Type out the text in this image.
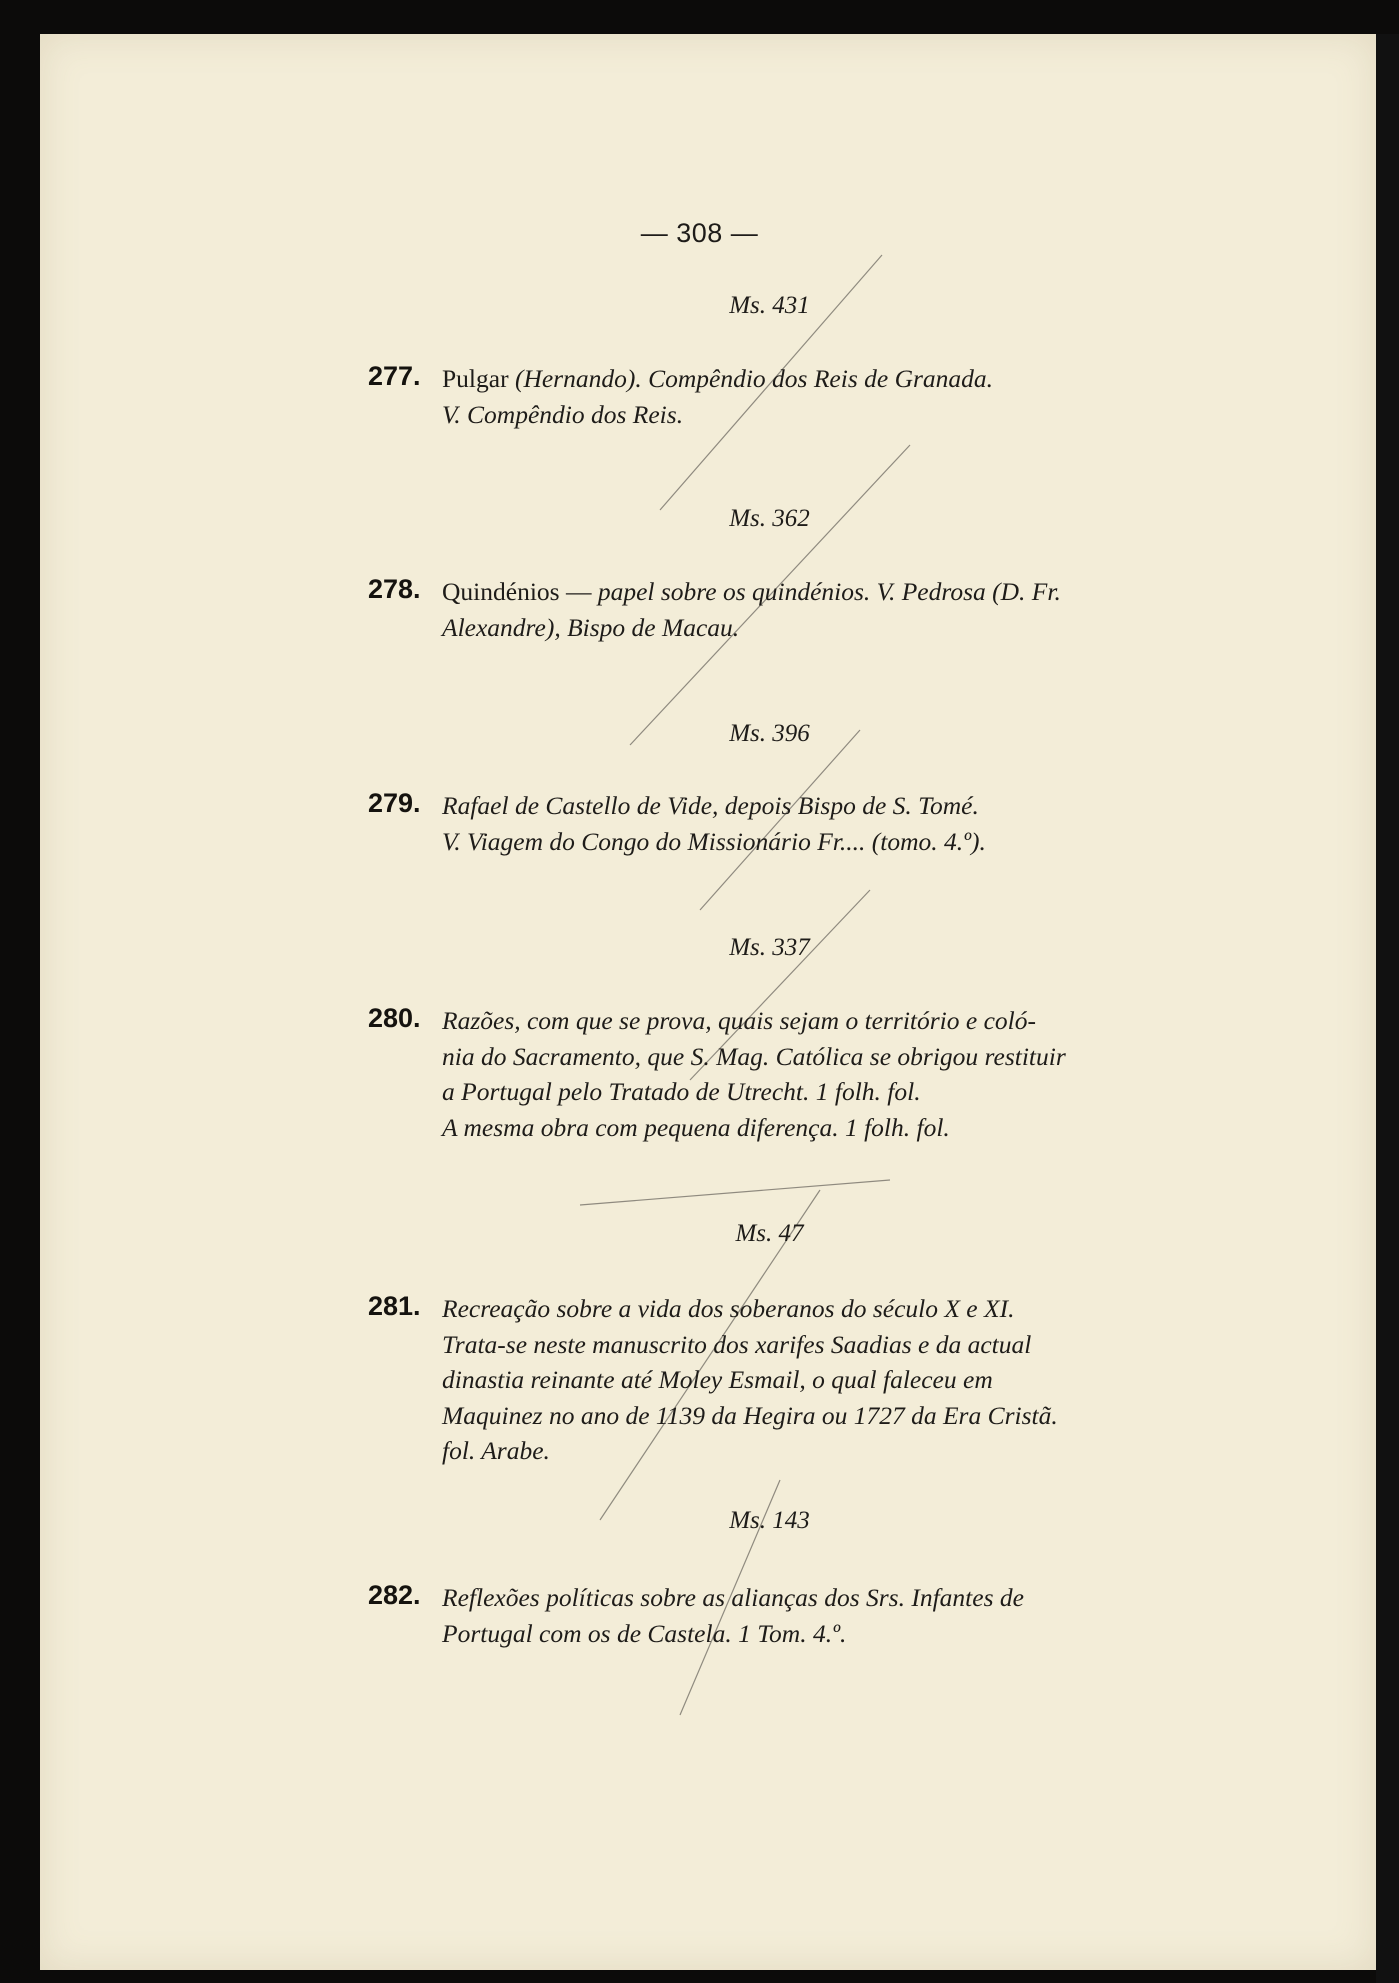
— 308 —
Ms. 431
277. Pulgar (Hernando). Compêndio dos Reis de Granada.
V. Compêndio dos Reis.
Ms. 362
278. Quindénios — papel sobre os quindénios. V. Pedrosa (D. Fr.
Alexandre), Bispo de Macau.
Ms. 396
279. Rafael de Castello de Vide, depois Bispo de S. Tomé.
V. Viagem do Congo do Missionário Fr.... (tomo. 4.º).
Ms. 337
280. Razões, com que se prova, quais sejam o território e coló-
nia do Sacramento, que S. Mag. Católica se obrigou restituir
a Portugal pelo Tratado de Utrecht. 1 folh. fol.
A mesma obra com pequena diferença. 1 folh. fol.
Ms. 47
281. Recreação sobre a vida dos soberanos do século X e XI.
Trata-se neste manuscrito dos xarifes Saadias e da actual
dinastia reinante até Moley Esmail, o qual faleceu em
Maquinez no ano de 1139 da Hegira ou 1727 da Era Cristã.
fol. Arabe.
Ms. 143
282. Reflexões políticas sobre as alianças dos Srs. Infantes de
Portugal com os de Castela. 1 Tom. 4.º.
